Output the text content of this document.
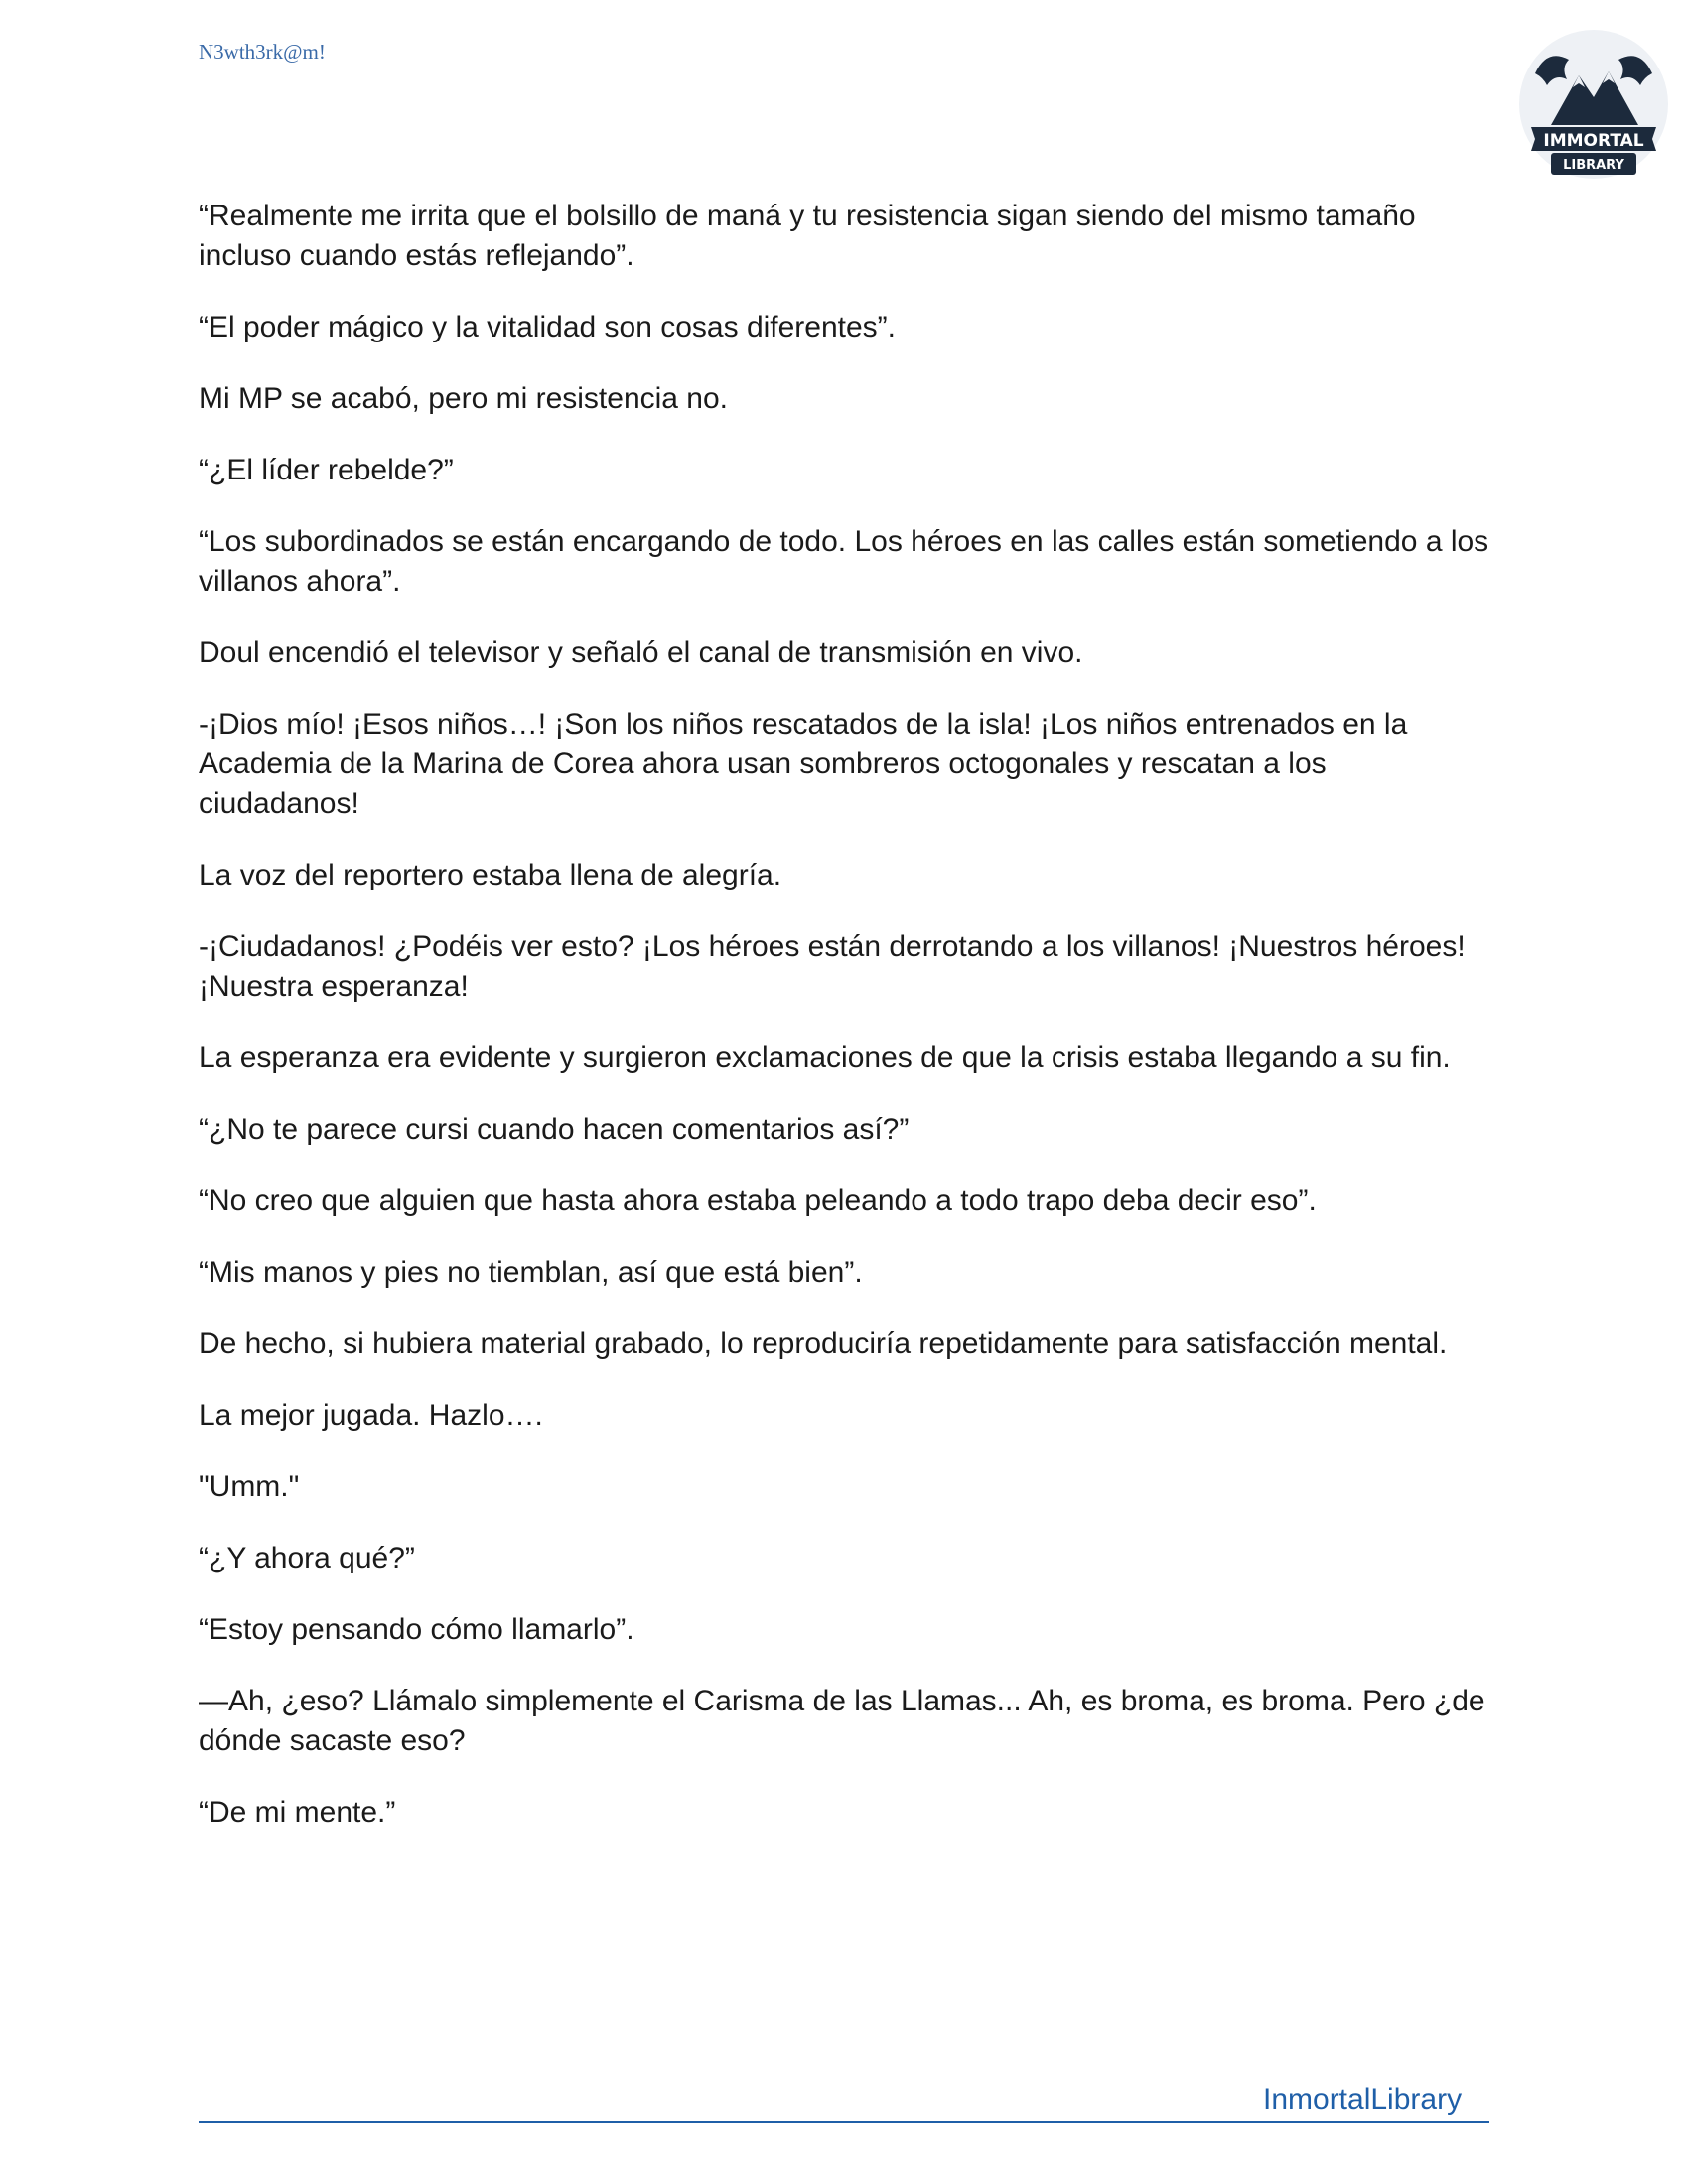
N3wth3rk@m!
IMMORTAL
LIBRARY

“Realmente me irrita que el bolsillo de maná y tu resistencia sigan siendo del mismo tamaño incluso cuando estás reflejando”.

“El poder mágico y la vitalidad son cosas diferentes”.

Mi MP se acabó, pero mi resistencia no.

“¿El líder rebelde?”

“Los subordinados se están encargando de todo. Los héroes en las calles están sometiendo a los villanos ahora”.

Doul encendió el televisor y señaló el canal de transmisión en vivo.

-¡Dios mío! ¡Esos niños…! ¡Son los niños rescatados de la isla! ¡Los niños entrenados en la Academia de la Marina de Corea ahora usan sombreros octogonales y rescatan a los ciudadanos!

La voz del reportero estaba llena de alegría.

-¡Ciudadanos! ¿Podéis ver esto? ¡Los héroes están derrotando a los villanos! ¡Nuestros héroes! ¡Nuestra esperanza!

La esperanza era evidente y surgieron exclamaciones de que la crisis estaba llegando a su fin.

“¿No te parece cursi cuando hacen comentarios así?”

“No creo que alguien que hasta ahora estaba peleando a todo trapo deba decir eso”.

“Mis manos y pies no tiemblan, así que está bien”.

De hecho, si hubiera material grabado, lo reproduciría repetidamente para satisfacción mental.

La mejor jugada. Hazlo….

"Umm."

“¿Y ahora qué?”

“Estoy pensando cómo llamarlo”.

—Ah, ¿eso? Llámalo simplemente el Carisma de las Llamas... Ah, es broma, es broma. Pero ¿de dónde sacaste eso?

“De mi mente.”

InmortalLibrary
